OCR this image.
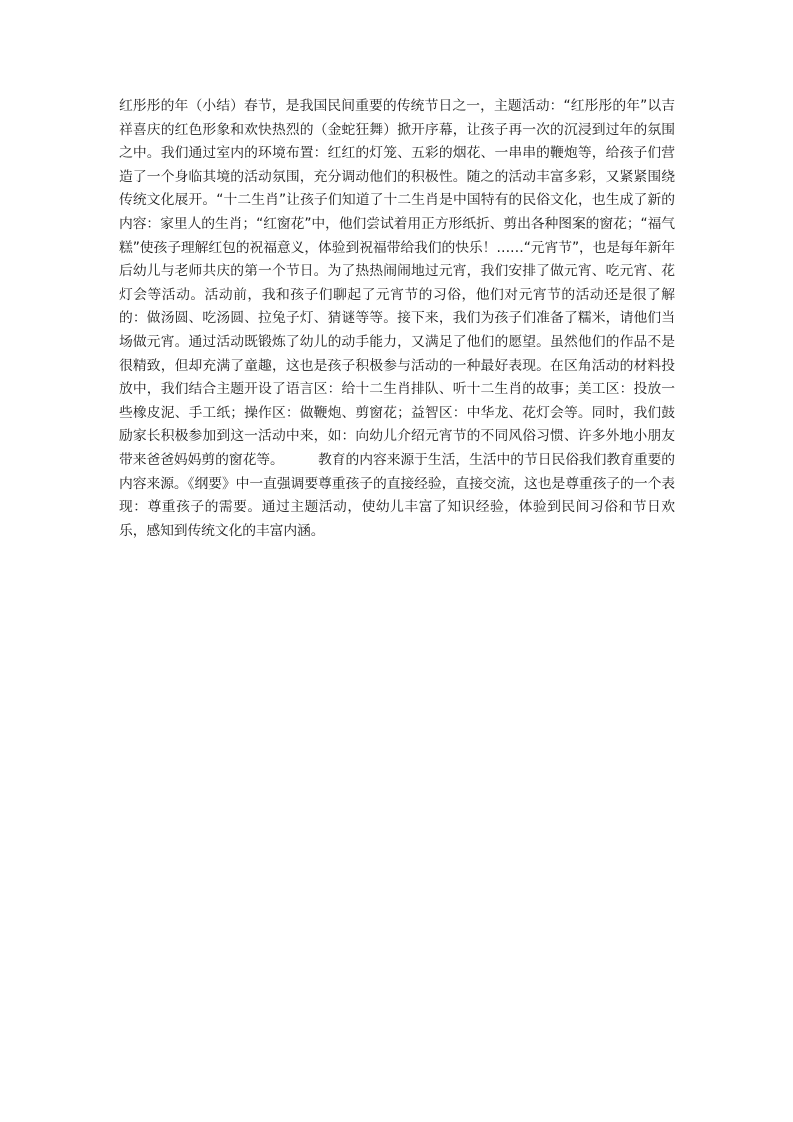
红彤彤的年（小结）春节，是我国民间重要的传统节日之一，主题活动：“红彤彤的年”以吉祥喜庆的红色形象和欢快热烈的（金蛇狂舞）掀开序幕，让孩子再一次的沉浸到过年的氛围之中。我们通过室内的环境布置：红红的灯笼、五彩的烟花、一串串的鞭炮等，给孩子们营造了一个身临其境的活动氛围，充分调动他们的积极性。随之的活动丰富多彩，又紧紧围绕传统文化展开。“十二生肖”让孩子们知道了十二生肖是中国特有的民俗文化，也生成了新的内容：家里人的生肖；“红窗花”中，他们尝试着用正方形纸折、剪出各种图案的窗花；“福气糕”使孩子理解红包的祝福意义，体验到祝福带给我们的快乐！……“元宵节”，也是每年新年后幼儿与老师共庆的第一个节日。为了热热闹闹地过元宵，我们安排了做元宵、吃元宵、花灯会等活动。活动前，我和孩子们聊起了元宵节的习俗，他们对元宵节的活动还是很了解的：做汤圆、吃汤圆、拉兔子灯、猜谜等等。接下来，我们为孩子们准备了糯米，请他们当场做元宵。通过活动既锻炼了幼儿的动手能力，又满足了他们的愿望。虽然他们的作品不是很精致，但却充满了童趣，这也是孩子积极参与活动的一种最好表现。在区角活动的材料投放中，我们结合主题开设了语言区：给十二生肖排队、听十二生肖的故事；美工区：投放一些橡皮泥、手工纸；操作区：做鞭炮、剪窗花；益智区：中华龙、花灯会等。同时，我们鼓励家长积极参加到这一活动中来，如：向幼儿介绍元宵节的不同风俗习惯、许多外地小朋友带来爸爸妈妈剪的窗花等。　　　教育的内容来源于生活，生活中的节日民俗我们教育重要的内容来源。《纲要》中一直强调要尊重孩子的直接经验，直接交流，这也是尊重孩子的一个表现：尊重孩子的需要。通过主题活动，使幼儿丰富了知识经验，体验到民间习俗和节日欢乐，感知到传统文化的丰富内涵。
